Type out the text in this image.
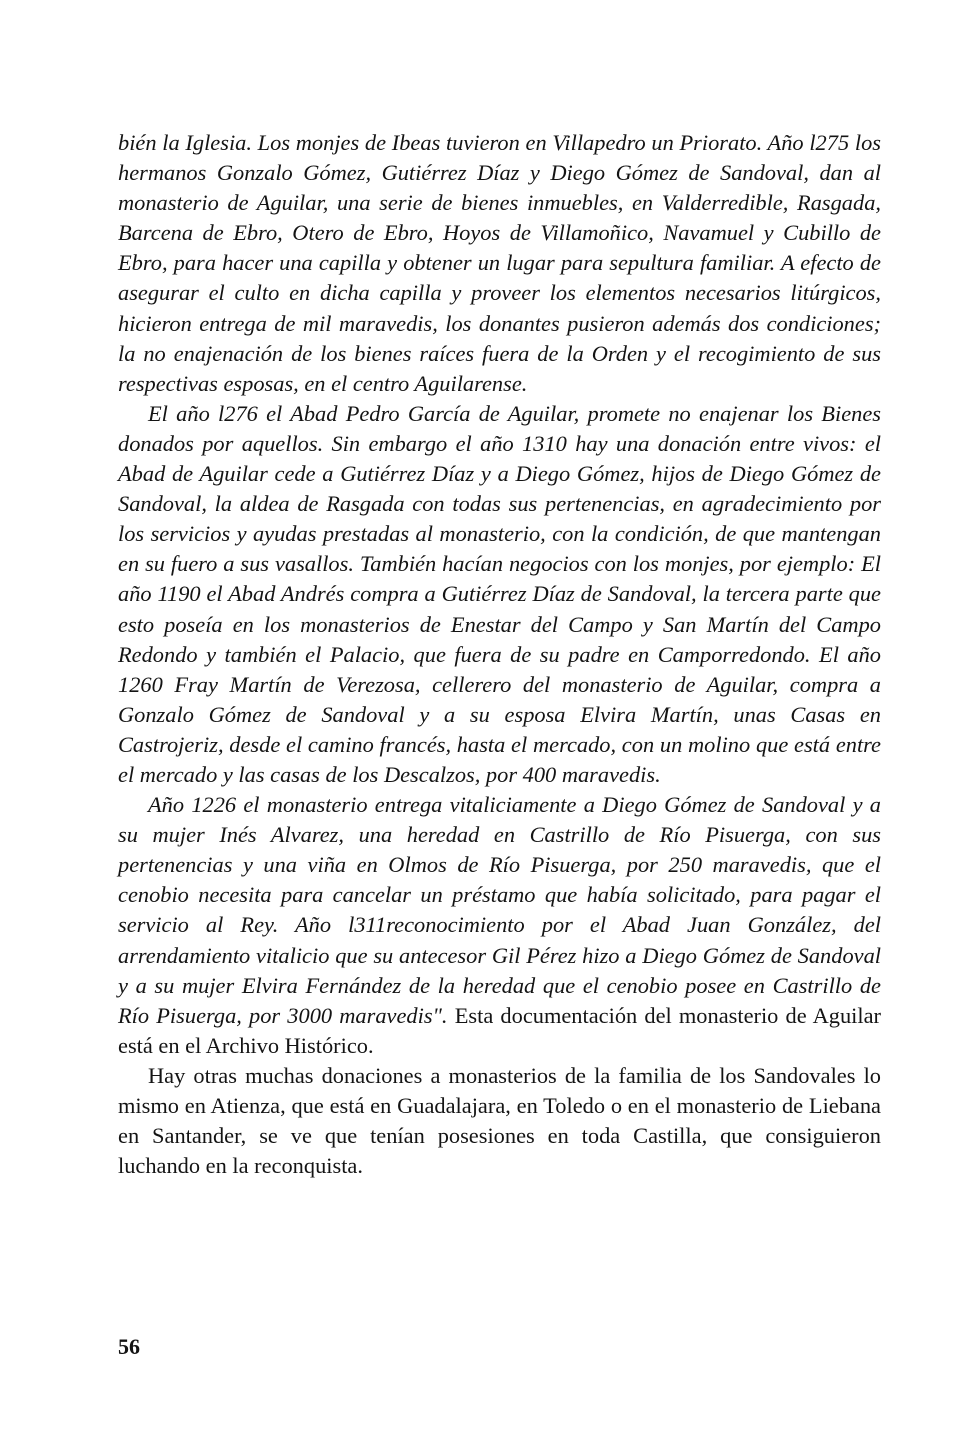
bién la Iglesia. Los monjes de Ibeas tuvieron en Villapedro un Priorato. Año l275 los hermanos Gonzalo Gómez, Gutiérrez Díaz y Diego Gómez de Sandoval, dan al monasterio de Aguilar, una serie de bienes inmuebles, en Valderredible, Rasgada, Barcena de Ebro, Otero de Ebro, Hoyos de Villamoñico, Navamuel y Cubillo de Ebro, para hacer una capilla y obtener un lugar para sepultura familiar. A efecto de asegurar el culto en dicha capilla y proveer los elementos necesarios litúrgicos, hicieron entrega de mil maravedis, los donantes pusieron además dos condiciones; la no enajenación de los bienes raíces fuera de la Orden y el recogimiento de sus respectivas esposas, en el centro Aguilarense.

El año l276 el Abad Pedro García de Aguilar, promete no enajenar los Bienes donados por aquellos. Sin embargo el año 1310 hay una donación entre vivos: el Abad de Aguilar cede a Gutiérrez Díaz y a Diego Gómez, hijos de Diego Gómez de Sandoval, la aldea de Rasgada con todas sus pertenencias, en agradecimiento por los servicios y ayudas prestadas al monasterio, con la condición, de que mantengan en su fuero a sus vasallos. También hacían negocios con los monjes, por ejemplo: El año 1190 el Abad Andrés compra a Gutiérrez Díaz de Sandoval, la tercera parte que esto poseía en los monasterios de Enestar del Campo y San Martín del Campo Redondo y también el Palacio, que fuera de su padre en Camporredondo. El año 1260 Fray Martín de Verezosa, cellerero del monasterio de Aguilar, compra a Gonzalo Gómez de Sandoval y a su esposa Elvira Martín, unas Casas en Castrojeriz, desde el camino francés, hasta el mercado, con un molino que está entre el mercado y las casas de los Descalzos, por 400 maravedis.

Año 1226 el monasterio entrega vitaliciamente a Diego Gómez de Sandoval y a su mujer Inés Alvarez, una heredad en Castrillo de Río Pisuerga, con sus pertenencias y una viña en Olmos de Río Pisuerga, por 250 maravedis, que el cenobio necesita para cancelar un préstamo que había solicitado, para pagar el servicio al Rey. Año l311reconocimiento por el Abad Juan González, del arrendamiento vitalicio que su antecesor Gil Pérez hizo a Diego Gómez de Sandoval y a su mujer Elvira Fernández de la heredad que el cenobio posee en Castrillo de Río Pisuerga, por 3000 maravedis". Esta documentación del monasterio de Aguilar está en el Archivo Histórico.

Hay otras muchas donaciones a monasterios de la familia de los Sandovales lo mismo en Atienza, que está en Guadalajara, en Toledo o en el monasterio de Liebana en Santander, se ve que tenían posesiones en toda Castilla, que consiguieron luchando en la reconquista.

56
